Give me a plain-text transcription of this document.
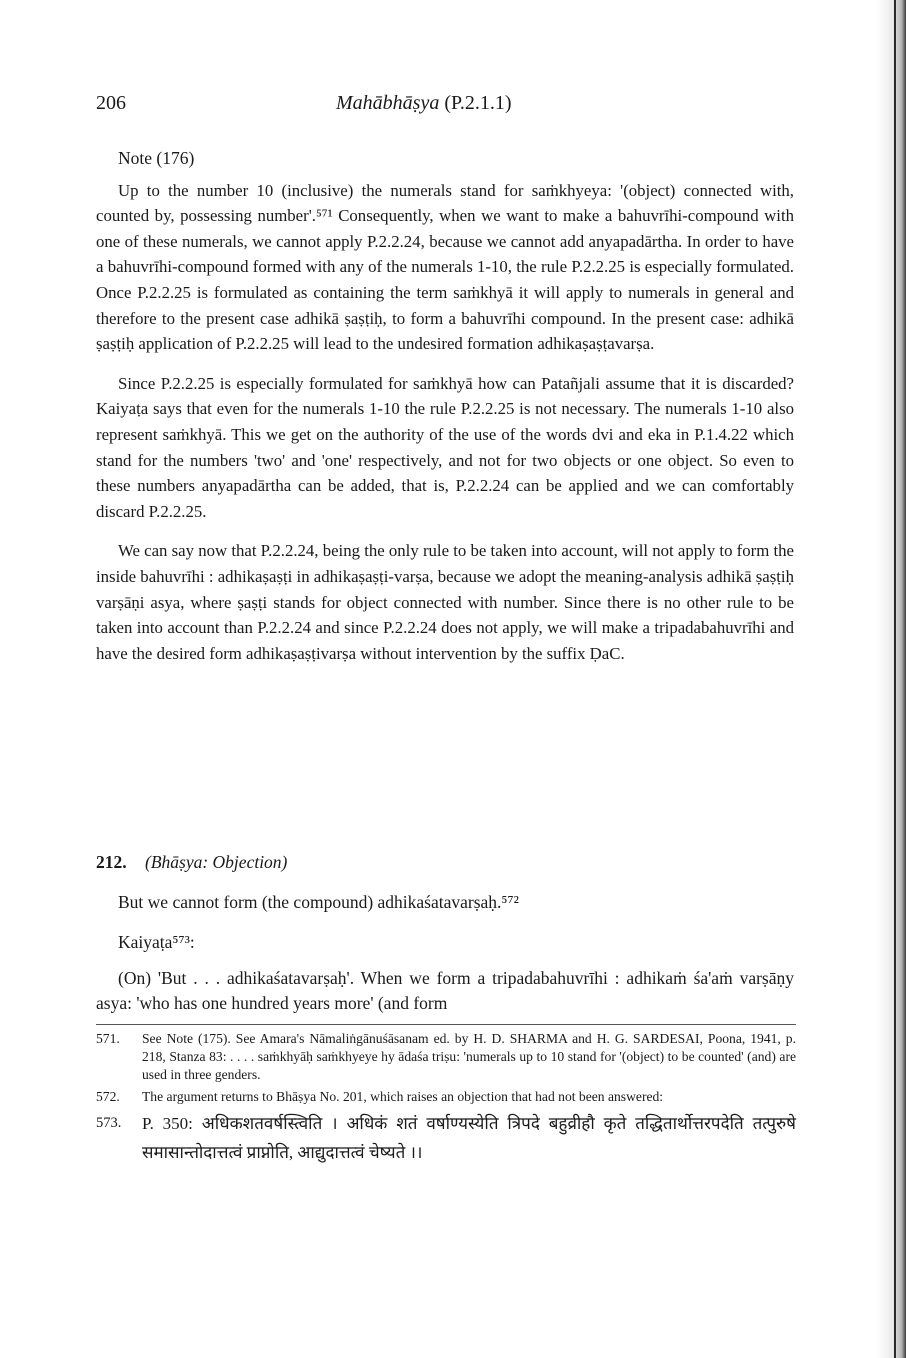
206	Mahābhāṣya (P.2.1.1)
Note (176)

Up to the number 10 (inclusive) the numerals stand for saṁkhyeya: '(object) connected with, counted by, possessing number'.⁵⁷¹ Consequently, when we want to make a bahuvrīhi-compound with one of these numerals, we cannot apply P.2.2.24, because we cannot add anyapadārtha. In order to have a bahuvrīhi-compound formed with any of the numerals 1-10, the rule P.2.2.25 is especially formulated. Once P.2.2.25 is formulated as containing the term saṁkhyā it will apply to numerals in general and therefore to the present case adhikā ṣaṣṭiḥ, to form a bahuvrīhi compound. In the present case: adhikā ṣaṣṭiḥ application of P.2.2.25 will lead to the undesired formation adhikaṣaṣṭavarṣa.

Since P.2.2.25 is especially formulated for saṁkhyā how can Patañjali assume that it is discarded? Kaiyaṭa says that even for the numerals 1-10 the rule P.2.2.25 is not necessary. The numerals 1-10 also represent saṁkhyā. This we get on the authority of the use of the words dvi and eka in P.1.4.22 which stand for the numbers 'two' and 'one' respectively, and not for two objects or one object. So even to these numbers anyapadārtha can be added, that is, P.2.2.24 can be applied and we can comfortably discard P.2.2.25.

We can say now that P.2.2.24, being the only rule to be taken into account, will not apply to form the inside bahuvrīhi : adhikaṣaṣṭi in adhikaṣaṣṭi-varṣa, because we adopt the meaning-analysis adhikā ṣaṣṭiḥ varṣāṇi asya, where ṣaṣṭi stands for object connected with number. Since there is no other rule to be taken into account than P.2.2.24 and since P.2.2.24 does not apply, we will make a tripadabahuvrīhi and have the desired form adhikaṣaṣṭivarṣa without intervention by the suffix ḌaC.

212. (Bhāṣya: Objection)

But we cannot form (the compound) adhikaśatavarṣaḥ.⁵⁷²

Kaiyaṭa⁵⁷³:

(On) 'But . . . adhikaśatavarṣaḥ'. When we form a tripadabahuvrīhi : adhikaṁ śa'aṁ varṣāṇy asya: 'who has one hundred years more' (and form

571. See Note (175). See Amara's Nāmaliṅgānuśāsanam ed. by H. D. SHARMA and H. G. SARDESAI, Poona, 1941, p. 218, Stanza 83: . . . . saṁkhyāḥ saṁkhyeye hy ādaśa triṣu: 'numerals up to 10 stand for '(object) to be counted' (and) are used in three genders.
572. The argument returns to Bhāṣya No. 201, which raises an objection that had not been answered:
573. P. 350: अधिकशतवर्षस्त्विति । अधिकं शतं वर्षाण्यस्येति त्रिपदे बहुव्रीहौ कृते तद्धितार्थोत्तरपदेति तत्पुरुषे समासान्तोदात्तत्वं प्राप्नोति, आद्युदात्तत्वं चेष्यते ।।
